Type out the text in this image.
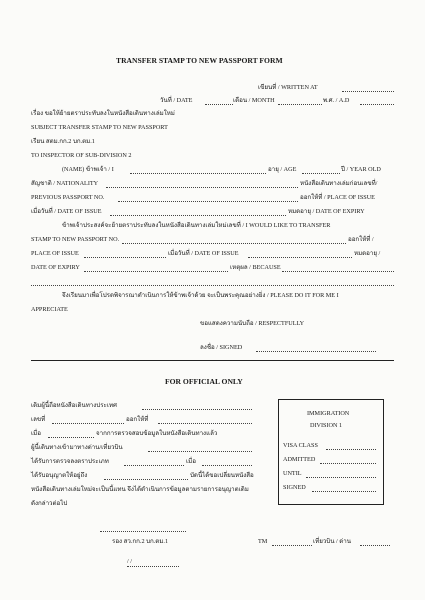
TRANSFER STAMP TO NEW PASSPORT FORM
เขียนที่ / WRITTEN AT
วันที่ / DATE	เดือน / MONTH	พ.ศ. / A.D
เรื่อง ขอให้ย้ายตราประทับลงในหนังสือเดินทางเล่มใหม่
SUBJECT TRANSFER STAMP TO NEW PASSPORT
เรียน สตม.กก.2 บก.ตม.1
TO INSPECTOR OF SUB-DIVISION 2
(NAME) ข้าพเจ้า / I	อายุ / AGE	ปี / YEAR OLD
สัญชาติ / NATIONALITY	หนังสือเดินทางเล่มก่อนเลขที่/
PREVIOUS PASSPORT NO.	ออกให้ที่ / PLACE OF ISSUE
เมื่อวันที่ / DATE OF ISSUE	หมดอายุ / DATE OF EXPIRY
ข้าพเจ้าประสงค์จะย้ายตราประทับลงในหนังสือเดินทางเล่มใหม่เลขที่ / I WOULD LIKE TO TRANSFER
STAMP TO NEW PASSPORT NO.	ออกให้ที่ /
PLACE OF ISSUE	เมื่อวันที่ / DATE OF ISSUE	หมดอายุ /
DATE OF EXPIRY	เหตุผล / BECAUSE
จึงเรียนมาเพื่อโปรดพิจารณาดำเนินการให้ข้าพเจ้าด้วย จะเป็นพระคุณอย่างยิ่ง / PLEASE DO IT FOR ME I
APPRECIATE
ขอแสดงความนับถือ / RESPECTFULLY
ลงชื่อ / SIGNED
FOR OFFICIAL ONLY
เดิมผู้นี้ถือหนังสือเดินทางประเทศ
เลขที่	ออกให้ที่
เมื่อ	จากการตรวจสอบข้อมูลในหนังสือเดินทางแล้ว
ผู้นี้เดินทางเข้ามาทางด่าน/เที่ยวบิน
ได้รับการตรวจลงตราประเภท	เมื่อ
ได้รับอนุญาตให้อยู่ถึง	บัดนี้ได้ขอเปลี่ยนหนังสือ
หนังสือเดินทางเล่มใหม่จะเป็นนี้แทน จึงได้ดำเนินการข้อมูลตามรายการอนุญาตเดิม
ดังกล่าวต่อไป
IMMIGRATION
DIVISION 1
VISA CLASS
ADMITTED
UNTIL
SIGNED
รอง สว.กก.2 บก.ตม.1	TM	เที่ยวบิน / ด่าน
/ /
